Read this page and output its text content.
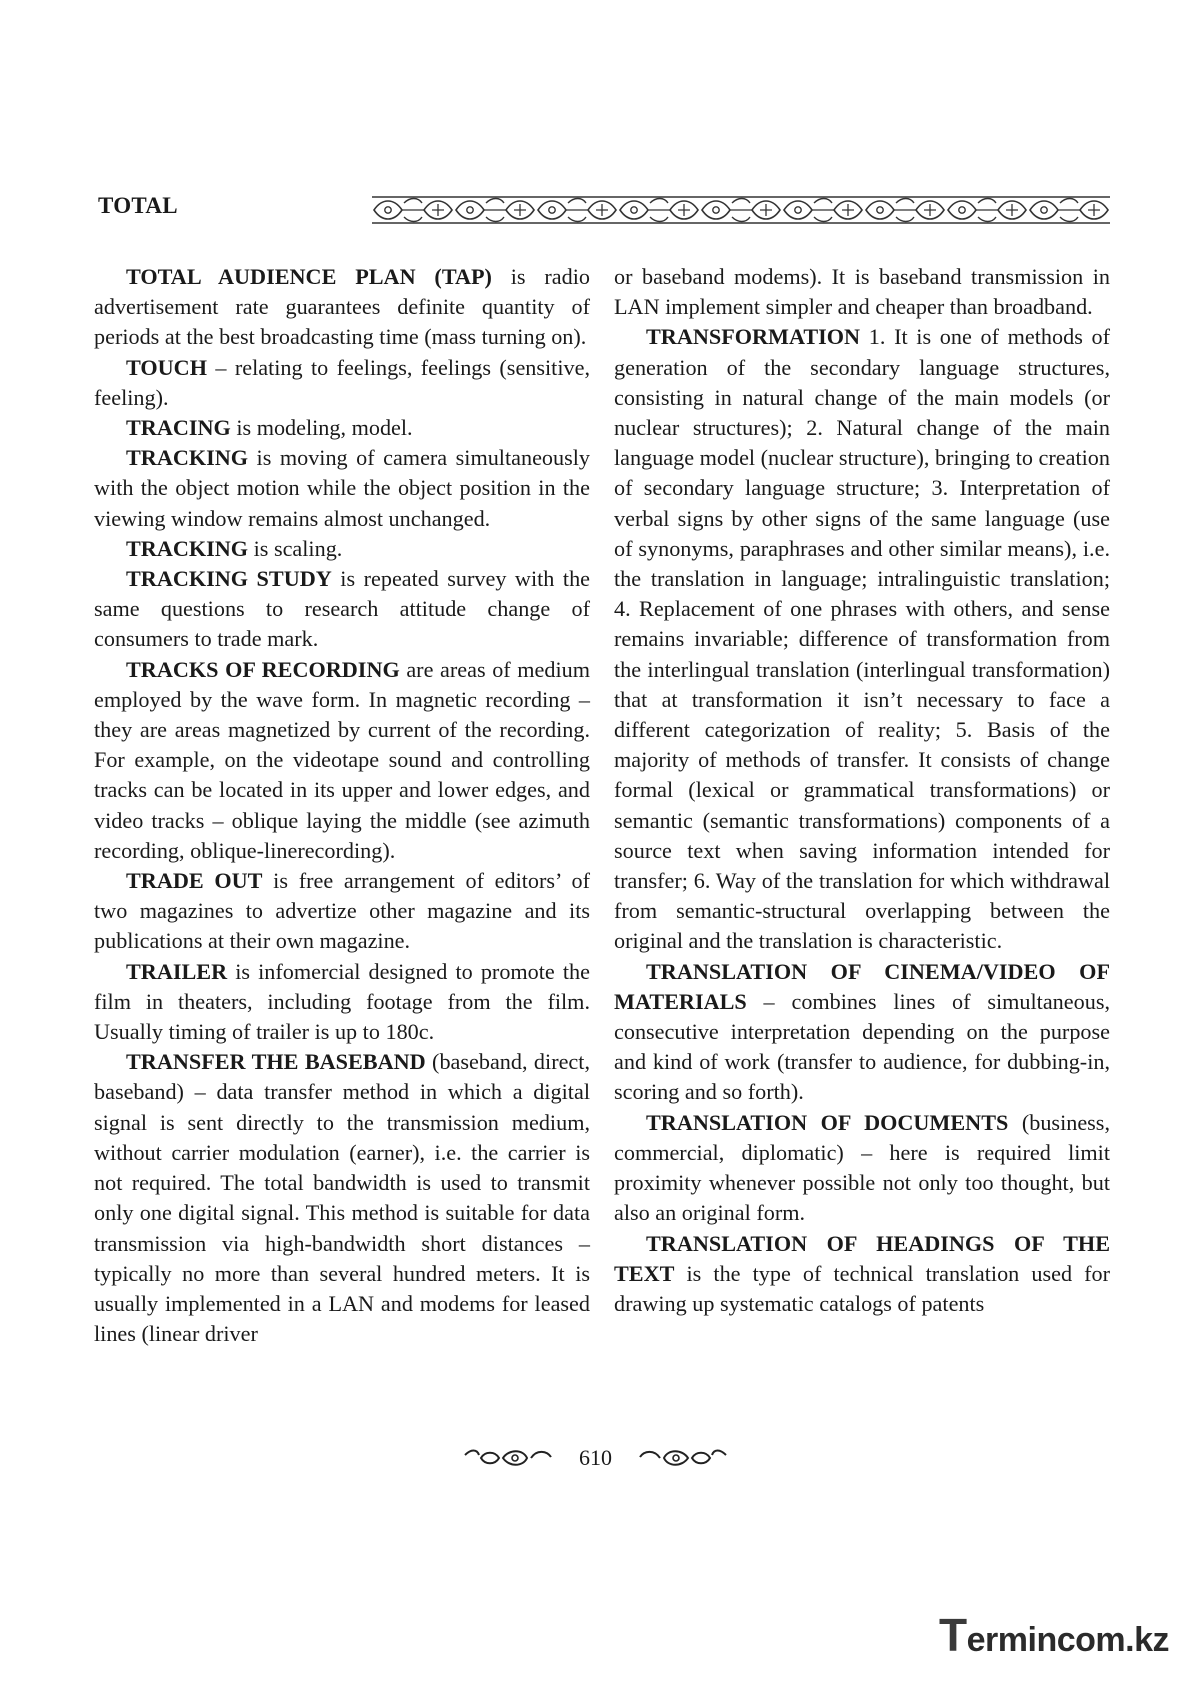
TOTAL

TOTAL AUDIENCE PLAN (TAP) is radio advertisement rate guarantees definite quantity of periods at the best broadcasting time (mass turning on).

TOUCH – relating to feelings, feelings (sensitive, feeling).

TRACING is modeling, model.

TRACKING is moving of camera simultaneously with the object motion while the object position in the viewing window remains almost unchanged.

TRACKING is scaling.

TRACKING STUDY is repeated survey with the same questions to research attitude change of consumers to trade mark.

TRACKS OF RECORDING are areas of medium employed by the wave form. In magnetic recording – they are areas magnetized by current of the recording. For example, on the videotape sound and controlling tracks can be located in its upper and lower edges, and video tracks – oblique laying the middle (see azimuth recording, oblique-linerecording).

TRADE OUT is free arrangement of editors’ of two magazines to advertize other magazine and its publications at their own magazine.

TRAILER is infomercial designed to promote the film in theaters, including footage from the film. Usually timing of trailer is up to 180c.

TRANSFER THE BASEBAND (baseband, direct, baseband) – data transfer method in which a digital signal is sent directly to the transmission medium, without carrier modulation (earner), i.e. the carrier is not required. The total bandwidth is used to transmit only one digital signal. This method is suitable for data transmission via high-bandwidth short distances – typically no more than several hundred meters. It is usually implemented in a LAN and modems for leased lines (linear driver

or baseband modems). It is baseband transmission in LAN implement simpler and cheaper than broadband.

TRANSFORMATION 1. It is one of methods of generation of the secondary language structures, consisting in natural change of the main models (or nuclear structures); 2. Natural change of the main language model (nuclear structure), bringing to creation of secondary language structure; 3. Interpretation of verbal signs by other signs of the same language (use of synonyms, paraphrases and other similar means), i.e. the translation in language; intralinguistic translation; 4. Replacement of one phrases with others, and sense remains invariable; difference of transformation from the interlingual translation (interlingual transformation) that at transformation it isn’t necessary to face a different categorization of reality; 5. Basis of the majority of methods of transfer. It consists of change formal (lexical or grammatical transformations) or semantic (semantic transformations) components of a source text when saving information intended for transfer; 6. Way of the translation for which withdrawal from semantic-structural overlapping between the original and the translation is characteristic.

TRANSLATION OF CINEMA/VIDEO OF MATERIALS – combines lines of simultaneous, consecutive interpretation depending on the purpose and kind of work (transfer to audience, for dubbing-in, scoring and so forth).

TRANSLATION OF DOCUMENTS (business, commercial, diplomatic) – here is required limit proximity whenever possible not only too thought, but also an original form.

TRANSLATION OF HEADINGS OF THE TEXT is the type of technical translation used for drawing up systematic catalogs of patents

610
Termincom.kz
